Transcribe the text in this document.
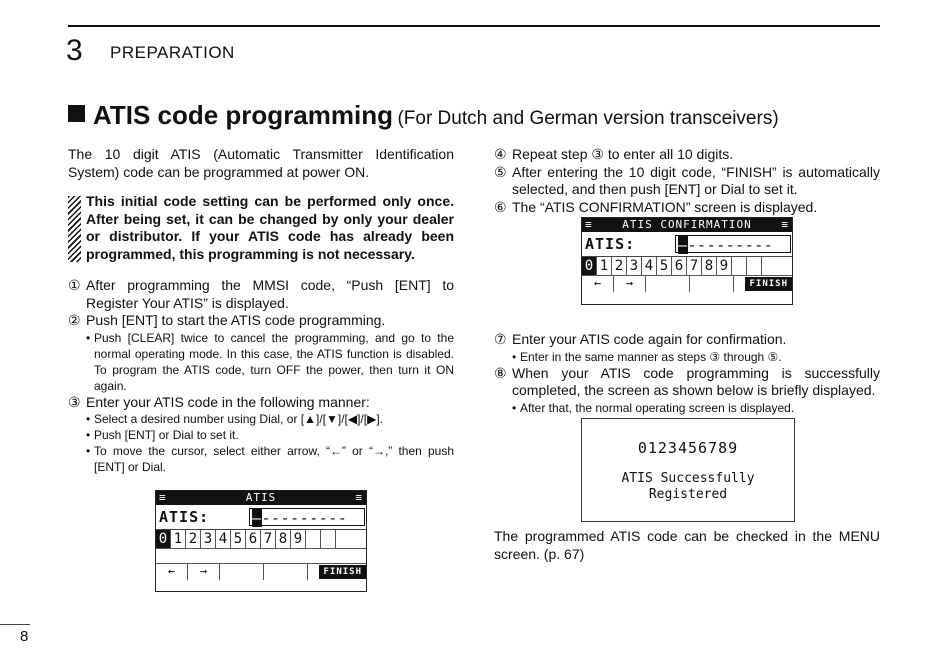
3 PREPARATION
ATIS code programming (For Dutch and German version transceivers)

The 10 digit ATIS (Automatic Transmitter Identification System) code can be programmed at power ON.

This initial code setting can be performed only once. After being set, it can be changed by only your dealer or distributor. If your ATIS code has already been programmed, this programming is not necessary.
① After programming the MMSI code, “Push [ENT] to Register Your ATIS” is displayed.
② Push [ENT] to start the ATIS code programming.
• Push [CLEAR] twice to cancel the programming, and go to the normal operating mode. In this case, the ATIS function is disabled. To program the ATIS code, turn OFF the power, then turn it ON again.
③ Enter your ATIS code in the following manner:
• Select a desired number using Dial, or [▲]/[▼]/[◀]/[▶].
• Push [ENT] or Dial to set it.
• To move the cursor, select either arrow, “←” or “→,” then push [ENT] or Dial.
≡	ATIS	≡
ATIS:	–---------
0 1 2 3 4 5 6 7 8 9
←	→	FINISH
④ Repeat step ③ to enter all 10 digits.
⑤ After entering the 10 digit code, “FINISH” is automatically selected, and then push [ENT] or Dial to set it.
⑥ The “ATIS CONFIRMATION” screen is displayed.
≡	ATIS CONFIRMATION	≡
ATIS:	–---------
0 1 2 3 4 5 6 7 8 9
←	→	FINISH
⑦ Enter your ATIS code again for confirmation.
• Enter in the same manner as steps ③ through ⑤.
⑧ When your ATIS code programming is successfully completed, the screen as shown below is briefly displayed.
• After that, the normal operating screen is displayed.
0123456789
ATIS Successfully
Registered

The programmed ATIS code can be checked in the MENU screen. (p. 67)

8
